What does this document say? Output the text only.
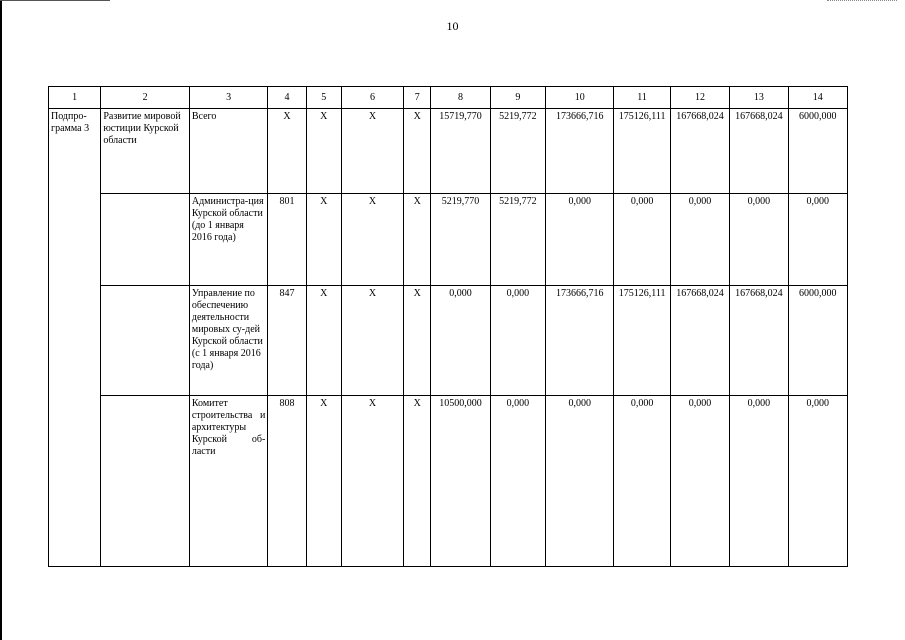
10
1	2	3	4	5	6	7	8	9	10	11	12	13	14
Подпро-грамма 3	Развитие мировой юстиции Курской области	Всего	Х	Х	Х	Х	15719,770	5219,772	173666,716	175126,111	167668,024	167668,024	6000,000
		Администра-ция Курской области (до 1 января 2016 года)	801	Х	Х	Х	5219,770	5219,772	0,000	0,000	0,000	0,000	0,000
		Управление по обеспечению деятельности мировых су-дей Курской области (с 1 января 2016 года)	847	Х	Х	Х	0,000	0,000	173666,716	175126,111	167668,024	167668,024	6000,000
		Комитет строительства и архитектуры Курской об-ласти	808	Х	Х	Х	10500,000	0,000	0,000	0,000	0,000	0,000	0,000
